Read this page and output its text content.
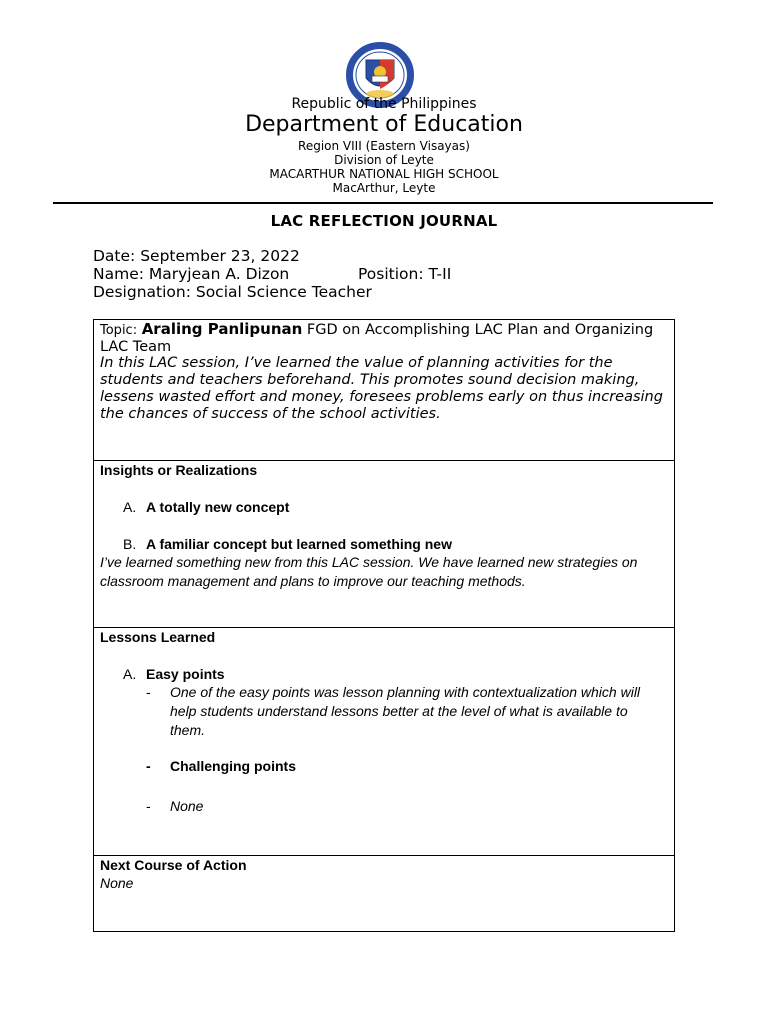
Republic of the Philippines
Department of Education
Region VIII (Eastern Visayas)
Division of Leyte
MACARTHUR NATIONAL HIGH SCHOOL
MacArthur, Leyte
LAC REFLECTION JOURNAL
Date: September 23, 2022
Name: Maryjean A. Dizon	Position: T-II
Designation: Social Science Teacher
Topic: Araling Panlipunan FGD on Accomplishing LAC Plan and Organizing LAC Team
In this LAC session, I’ve learned the value of planning activities for the students and teachers beforehand. This promotes sound decision making, lessens wasted effort and money, foresees problems early on thus increasing the chances of success of the school activities.
Insights or Realizations
A. A totally new concept
B. A familiar concept but learned something new
I’ve learned something new from this LAC session. We have learned new strategies on classroom management and plans to improve our teaching methods.
Lessons Learned
A. Easy points
- One of the easy points was lesson planning with contextualization which will help students understand lessons better at the level of what is available to them.
- Challenging points
- None
Next Course of Action
None
